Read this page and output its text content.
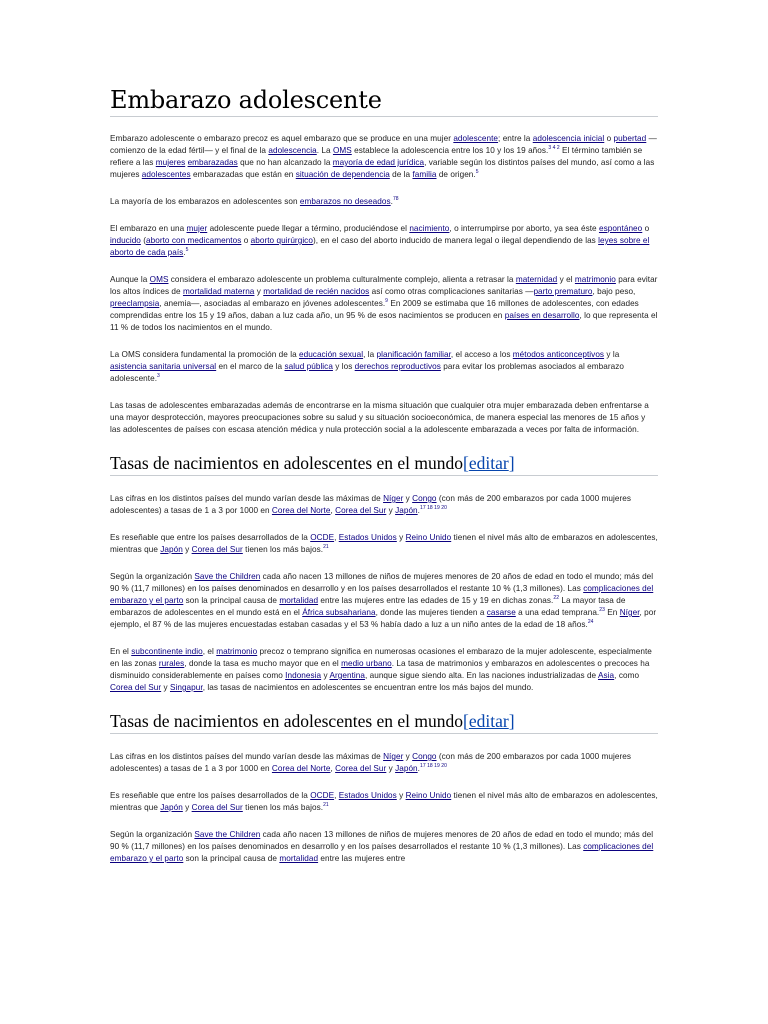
Embarazo adolescente

Embarazo adolescente o embarazo precoz es aquel embarazo que se produce en una mujer adolescente; entre la adolescencia inicial o pubertad —comienzo de la edad fértil— y el final de la adolescencia. La OMS establece la adolescencia entre los 10 y los 19 años.$^{3 4 2}$ El término también se refiere a las mujeres embarazadas que no han alcanzado la mayoría de edad jurídica, variable según los distintos países del mundo, así como a las mujeres adolescentes embarazadas que están en situación de dependencia de la familia de origen.$^5$

La mayoría de los embarazos en adolescentes son embarazos no deseados.$^{78}$

El embarazo en una mujer adolescente puede llegar a término, produciéndose el nacimiento, o interrumpirse por aborto, ya sea éste espontáneo o inducido (aborto con medicamentos o aborto quirúrgico), en el caso del aborto inducido de manera legal o ilegal dependiendo de las leyes sobre el aborto de cada país.$^5$

Aunque la OMS considera el embarazo adolescente un problema culturalmente complejo, alienta a retrasar la maternidad y el matrimonio para evitar los altos índices de mortalidad materna y mortalidad de recién nacidos así como otras complicaciones sanitarias —parto prematuro, bajo peso, preeclampsia, anemia—, asociadas al embarazo en jóvenes adolescentes.$^9$ En 2009 se estimaba que 16 millones de adolescentes, con edades comprendidas entre los 15 y 19 años, daban a luz cada año, un 95 % de esos nacimientos se producen en países en desarrollo, lo que representa el 11 % de todos los nacimientos en el mundo.

La OMS considera fundamental la promoción de la educación sexual, la planificación familiar, el acceso a los métodos anticonceptivos y la asistencia sanitaria universal en el marco de la salud pública y los derechos reproductivos para evitar los problemas asociados al embarazo adolescente.$^3$

Las tasas de adolescentes embarazadas además de encontrarse en la misma situación que cualquier otra mujer embarazada deben enfrentarse a una mayor desprotección, mayores preocupaciones sobre su salud y su situación socioeconómica, de manera especial las menores de 15 años y las adolescentes de países con escasa atención médica y nula protección social a la adolescente embarazada a veces por falta de información.

Tasas de nacimientos en adolescentes en el mundo[editar]

Las cifras en los distintos países del mundo varían desde las máximas de Níger y Congo (con más de 200 embarazos por cada 1000 mujeres adolescentes) a tasas de 1 a 3 por 1000 en Corea del Norte, Corea del Sur y Japón.$^{17 18 19 20}$

Es reseñable que entre los países desarrollados de la OCDE, Estados Unidos y Reino Unido tienen el nivel más alto de embarazos en adolescentes, mientras que Japón y Corea del Sur tienen los más bajos.$^{21}$

Según la organización Save the Children cada año nacen 13 millones de niños de mujeres menores de 20 años de edad en todo el mundo; más del 90 % (11,7 millones) en los países denominados en desarrollo y en los países desarrollados el restante 10 % (1,3 millones). Las complicaciones del embarazo y el parto son la principal causa de mortalidad entre las mujeres entre las edades de 15 y 19 en dichas zonas.$^{22}$ La mayor tasa de embarazos de adolescentes en el mundo está en el África subsahariana, donde las mujeres tienden a casarse a una edad temprana.$^{23}$ En Níger, por ejemplo, el 87 % de las mujeres encuestadas estaban casadas y el 53 % había dado a luz a un niño antes de la edad de 18 años.$^{24}$

En el subcontinente indio, el matrimonio precoz o temprano significa en numerosas ocasiones el embarazo de la mujer adolescente, especialmente en las zonas rurales, donde la tasa es mucho mayor que en el medio urbano. La tasa de matrimonios y embarazos en adolescentes o precoces ha disminuido considerablemente en países como Indonesia y Argentina, aunque sigue siendo alta. En las naciones industrializadas de Asia, como Corea del Sur y Singapur, las tasas de nacimientos en adolescentes se encuentran entre los más bajos del mundo.

Tasas de nacimientos en adolescentes en el mundo[editar]

Las cifras en los distintos países del mundo varían desde las máximas de Níger y Congo (con más de 200 embarazos por cada 1000 mujeres adolescentes) a tasas de 1 a 3 por 1000 en Corea del Norte, Corea del Sur y Japón.$^{17 18 19 20}$

Es reseñable que entre los países desarrollados de la OCDE, Estados Unidos y Reino Unido tienen el nivel más alto de embarazos en adolescentes, mientras que Japón y Corea del Sur tienen los más bajos.$^{21}$

Según la organización Save the Children cada año nacen 13 millones de niños de mujeres menores de 20 años de edad en todo el mundo; más del 90 % (11,7 millones) en los países denominados en desarrollo y en los países desarrollados el restante 10 % (1,3 millones). Las complicaciones del embarazo y el parto son la principal causa de mortalidad entre las mujeres entre
